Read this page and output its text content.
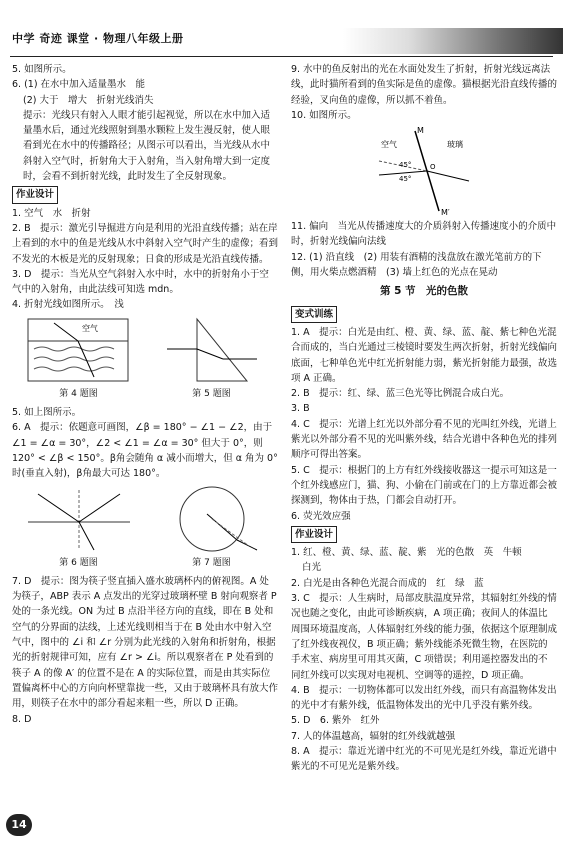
中学 奇迹 课堂 · 物理八年级上册

5. 如图所示。

6. (1) 在水中加入适量墨水　能

(2) 大于　增大　折射光线消失

提示：光线只有射入人眼才能引起视觉，所以在水中加入适量墨水后，通过光线照射到墨水颗粒上发生漫反射，使人眼看到光在水中的传播路径；从图示可以看出，当光线从水中斜射入空气时，折射角大于入射角，当入射角增大到一定度时，会看不到折射光线，此时发生了全反射现象。

作业设计

1. 空气　水　折射

2. B　提示：激光引导掘进方向是利用的光沿直线传播；站在岸上看到的水中的鱼是光线从水中斜射入空气时产生的虚像；看到不发光的木板是光的反射现象；日食的形成是光沿直线传播。

3. D　提示：当光从空气斜射入水中时，水中的折射角小于空气中的入射角，由此法线可知选 mdn。

4. 折射光线如图所示。　浅

空气
第 4 题图	第 5 题图

5. 如上图所示。

6. A　提示：依题意可画图，∠β = 180° − ∠1 − ∠2，由于∠1 = ∠α = 30°，∠2 < ∠1 = ∠α = 30° 但大于 0°，则 120° < ∠β < 150°。β角会随角 α 减小而增大，但 α 角为 0° 时(垂直入射)，β角最大可达 180°。

第 6 题图	第 7 题图

7. D　提示：图为筷子竖直插入盛水玻璃杯内的俯视图。A 处为筷子，ABP 表示 A 点发出的光穿过玻璃杯壁 B 射向观察者 P 处的一条光线。ON 为过 B 点沿半径方向的直线，即在 B 处和空气的分界面的法线，上述光线则相当于在 B 处由水中射入空气中，图中的 ∠i 和 ∠r 分别为此光线的入射角和折射角，根据光的折射规律可知，应有 ∠r > ∠i。所以观察者在 P 处看到的筷子 A 的像 A′ 的位置不是在 A 的实际位置，而是由其实际位置偏离杯中心的方向向杯壁靠拢一些，又由于玻璃杯具有放大作用，则筷子在水中的部分看起来粗一些，所以 D 正确。

8. D

9. 水中的鱼反射出的光在水面处发生了折射，折射光线远离法线，此时猫所看到的鱼实际是鱼的虚像。猫根据光沿直线传播的经验，叉向鱼的虚像，所以抓不着鱼。

10. 如图所示。

M
M′
空气	玻璃
45°
45°
O

11. 偏向　当光从传播速度大的介质斜射入传播速度小的介质中时，折射光线偏向法线

12. (1) 沿直线　(2) 用装有酒精的浅盘放在激光笔前方的下侧，用火柴点燃酒精　(3) 墙上红色的光点在晃动

第 5 节　光的色散
变式训练

1. A　提示：白光是由红、橙、黄、绿、蓝、靛、紫七种色光混合而成的，当白光通过三棱镜时要发生两次折射，折射光线偏向底面，七种单色光中红光折射能力弱，紫光折射能力最强，故选项 A 正确。

2. B　提示：红、绿、蓝三色光等比例混合成白光。

3. B

4. C　提示：光谱上红光以外部分看不见的光叫红外线，光谱上紫光以外部分看不见的光叫紫外线，结合光谱中各种色光的排列顺序可得出答案。

5. C　提示：根据门的上方有红外线接收器这一提示可知这是一个红外线感应门，猫、狗、小偷在门前或在门的上方靠近都会被探测到，物体由于热，门都会自动打开。

6. 荧光效应强

作业设计

1. 红、橙、黄、绿、蓝、靛、紫　光的色散　英　牛顿

白光

2. 白光是由各种色光混合而成的　红　绿　蓝

3. C　提示：人生病时，局部皮肤温度异常，其辐射红外线的情况也随之变化，由此可诊断疾病，A 项正确；夜间人的体温比周围环境温度高，人体辐射红外线的能力强，依据这个原理制成了红外线夜视仪，B 项正确；紫外线能杀死微生物，在医院的手术室、病房里可用其灭菌，C 项错误；利用遥控器发出的不同红外线可以实现对电视机、空调等的遥控，D 项正确。

4. B　提示：一切物体都可以发出红外线，而只有高温物体发出的光中才有紫外线，低温物体发出的光中几乎没有紫外线。

5. D　6. 紫外　红外

7. 人的体温越高，辐射的红外线就越强

8. A　提示：靠近光谱中红光的不可见光是红外线，靠近光谱中紫光的不可见光是紫外线。

14
